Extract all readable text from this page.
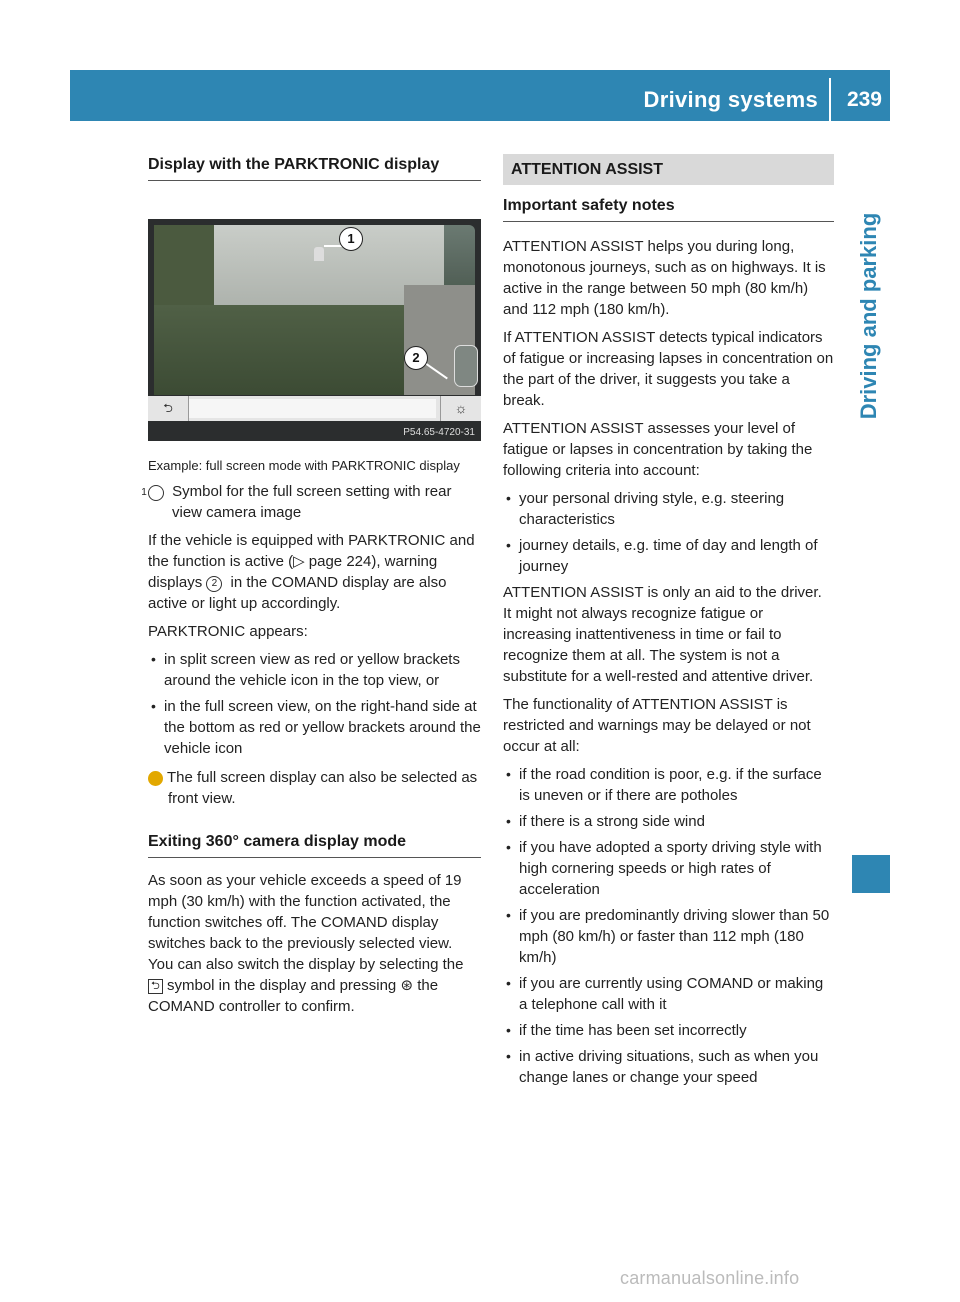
Driving systems 239
Driving and parking
Display with the PARKTRONIC display
1
2
⮌	☼
P54.65-4720-31

Example: full screen mode with PARKTRONIC display

1 Symbol for the full screen setting with rear view camera image

If the vehicle is equipped with PARKTRONIC and the function is active (▷ page 224), warning displays 2 in the COMAND display are also active or light up accordingly.

PARKTRONIC appears:

• in split screen view as red or yellow brackets around the vehicle icon in the top view, or

• in the full screen view, on the right-hand side at the bottom as red or yellow brackets around the vehicle icon

i The full screen display can also be selected as front view.

Exiting 360° camera display mode

As soon as your vehicle exceeds a speed of 19 mph (30 km/h) with the function activated, the function switches off. The COMAND display switches back to the previously selected view. You can also switch the display by selecting the ⮌ symbol in the display and pressing ⊛ the COMAND controller to confirm.

ATTENTION ASSIST
Important safety notes

ATTENTION ASSIST helps you during long, monotonous journeys, such as on highways. It is active in the range between 50 mph (80 km/h) and 112 mph (180 km/h).

If ATTENTION ASSIST detects typical indicators of fatigue or increasing lapses in concentration on the part of the driver, it suggests you take a break.

ATTENTION ASSIST assesses your level of fatigue or lapses in concentration by taking the following criteria into account:

• your personal driving style, e.g. steering characteristics

• journey details, e.g. time of day and length of journey

ATTENTION ASSIST is only an aid to the driver. It might not always recognize fatigue or increasing inattentiveness in time or fail to recognize them at all. The system is not a substitute for a well-rested and attentive driver.

The functionality of ATTENTION ASSIST is restricted and warnings may be delayed or not occur at all:

• if the road condition is poor, e.g. if the surface is uneven or if there are potholes

• if there is a strong side wind

• if you have adopted a sporty driving style with high cornering speeds or high rates of acceleration

• if you are predominantly driving slower than 50 mph (80 km/h) or faster than 112 mph (180 km/h)

• if you are currently using COMAND or making a telephone call with it

• if the time has been set incorrectly

• in active driving situations, such as when you change lanes or change your speed

carmanualsonline.info
